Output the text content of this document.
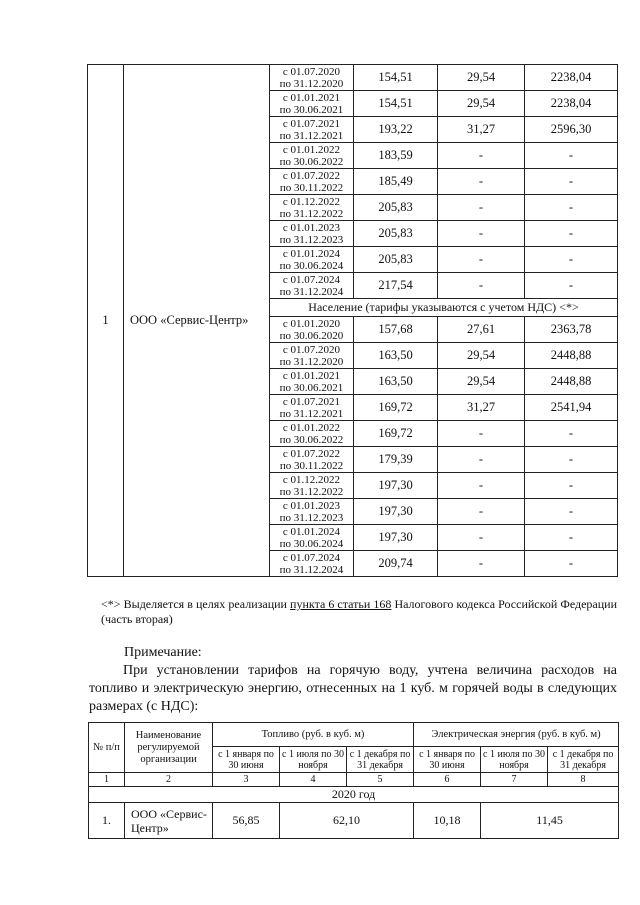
1	ООО «Сервис-Центр»	с 01.07.2020
по 31.12.2020	154,51	29,54	2238,04

		с 01.01.2021
по 30.06.2021	154,51	29,54	2238,04

		с 01.07.2021
по 31.12.2021	193,22	31,27	2596,30

		с 01.01.2022
по 30.06.2022	183,59	-	-

		с 01.07.2022
по 30.11.2022	185,49	-	-

		с 01.12.2022
по 31.12.2022	205,83	-	-

		с 01.01.2023
по 31.12.2023	205,83	-	-

		с 01.01.2024
по 30.06.2024	205,83	-	-

		с 01.07.2024
по 31.12.2024	217,54	-	-
		Население (тарифы указываются с учетом НДС) <*>			

		с 01.01.2020
по 30.06.2020	157,68	27,61	2363,78

		с 01.07.2020
по 31.12.2020	163,50	29,54	2448,88

		с 01.01.2021
по 30.06.2021	163,50	29,54	2448,88

		с 01.07.2021
по 31.12.2021	169,72	31,27	2541,94

		с 01.01.2022
по 30.06.2022	169,72	-	-

		с 01.07.2022
по 30.11.2022	179,39	-	-

		с 01.12.2022
по 31.12.2022	197,30	-	-

		с 01.01.2023
по 31.12.2023	197,30	-	-

		с 01.01.2024
по 30.06.2024	197,30	-	-

		с 01.07.2024
по 31.12.2024	209,74	-	-
<*> Выделяется в целях реализации пункта 6 статьи 168 Налогового кодекса Российской Федерации (часть вторая)
Примечание:
При установлении тарифов на горячую воду, учтена величина расходов на топливо и электрическую энергию, отнесенных на 1 куб. м горячей воды в следующих размерах (с НДС):
№ п/п	Наименование регулируемой организации	Топливо (руб. в куб. м)			Электрическая энергия (руб. в куб. м)		
		с 1 января по 30 июня	с 1 июля по 30 ноября	с 1 декабря по 31 декабря	с 1 января по 30 июня	с 1 июля по 30 ноября	с 1 декабря по 31 декабря
1	2	3	4	5	6	7	8
2020 год							
1.	ООО «Сервис-Центр»	56,85	62,10		10,18	11,45	
